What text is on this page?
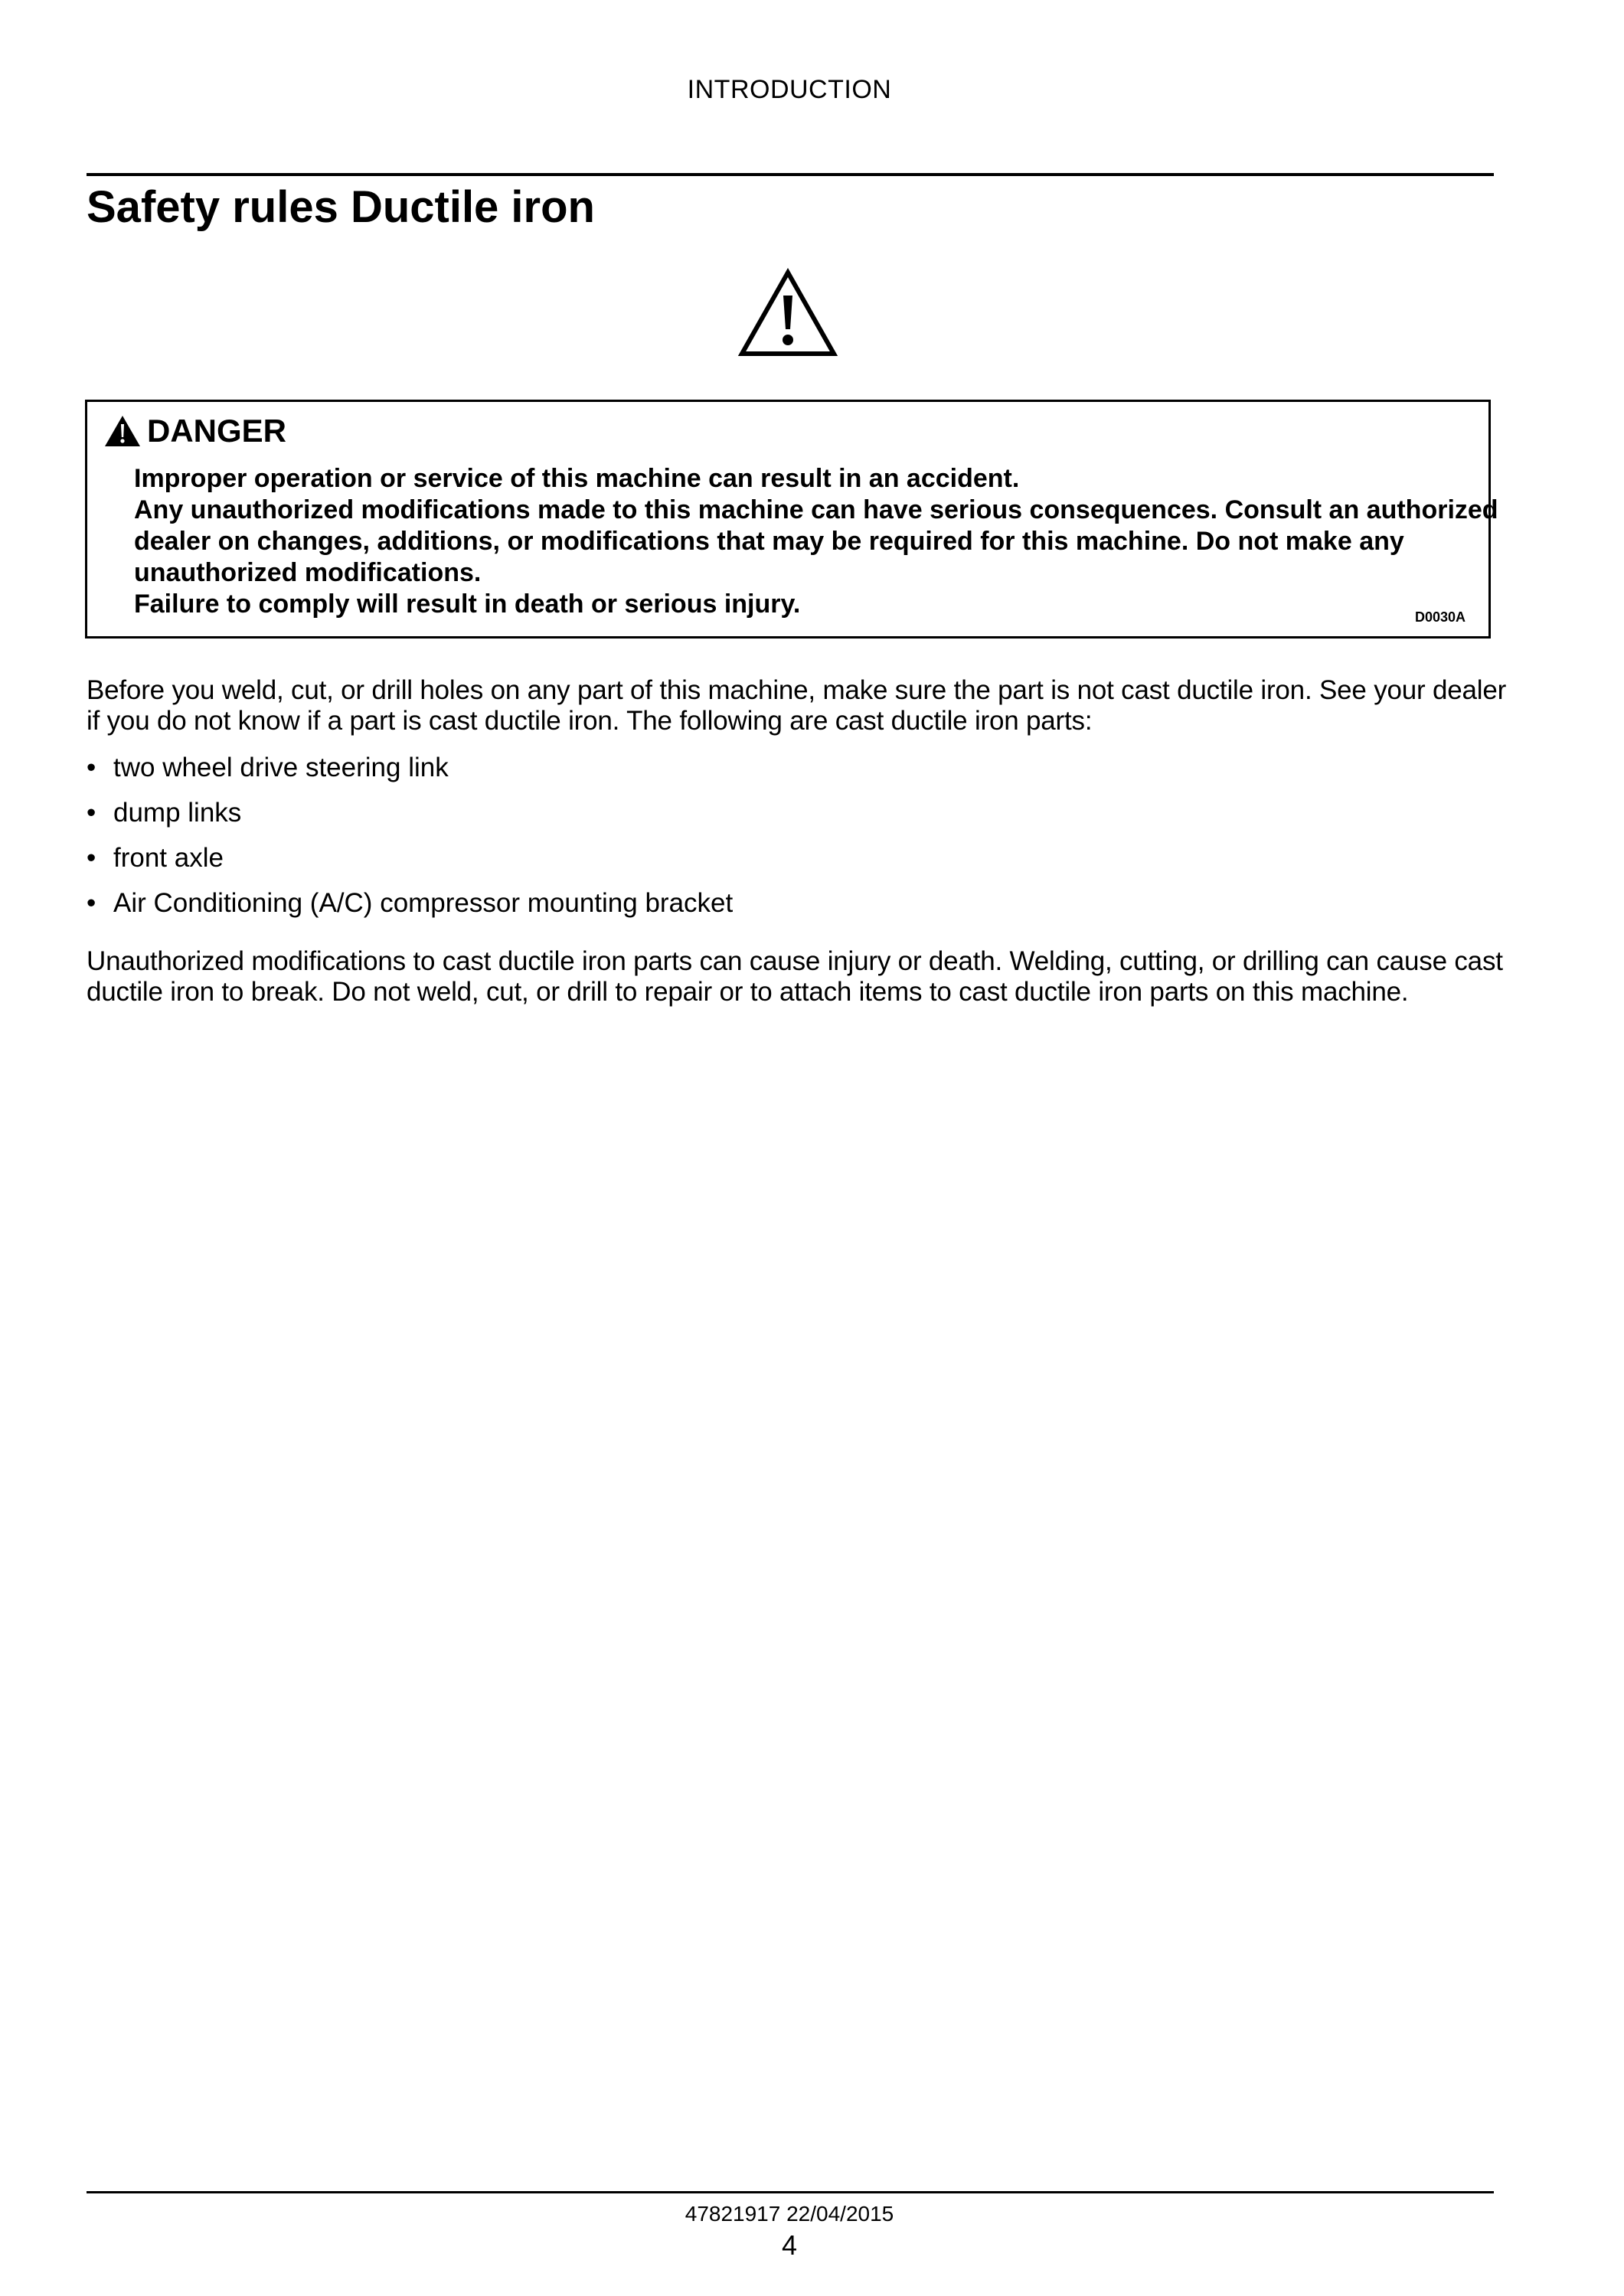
INTRODUCTION
Safety rules Ductile iron
DANGER

Improper operation or service of this machine can result in an accident.

Any unauthorized modifications made to this machine can have serious consequences. Consult an authorized dealer on changes, additions, or modifications that may be required for this machine. Do not make any unauthorized modifications.

Failure to comply will result in death or serious injury.	D0030A

Before you weld, cut, or drill holes on any part of this machine, make sure the part is not cast ductile iron. See your dealer if you do not know if a part is cast ductile iron. The following are cast ductile iron parts:

• two wheel drive steering link
• dump links
• front axle
• Air Conditioning (A/C) compressor mounting bracket

Unauthorized modifications to cast ductile iron parts can cause injury or death. Welding, cutting, or drilling can cause cast ductile iron to break. Do not weld, cut, or drill to repair or to attach items to cast ductile iron parts on this machine.

47821917 22/04/2015
4
